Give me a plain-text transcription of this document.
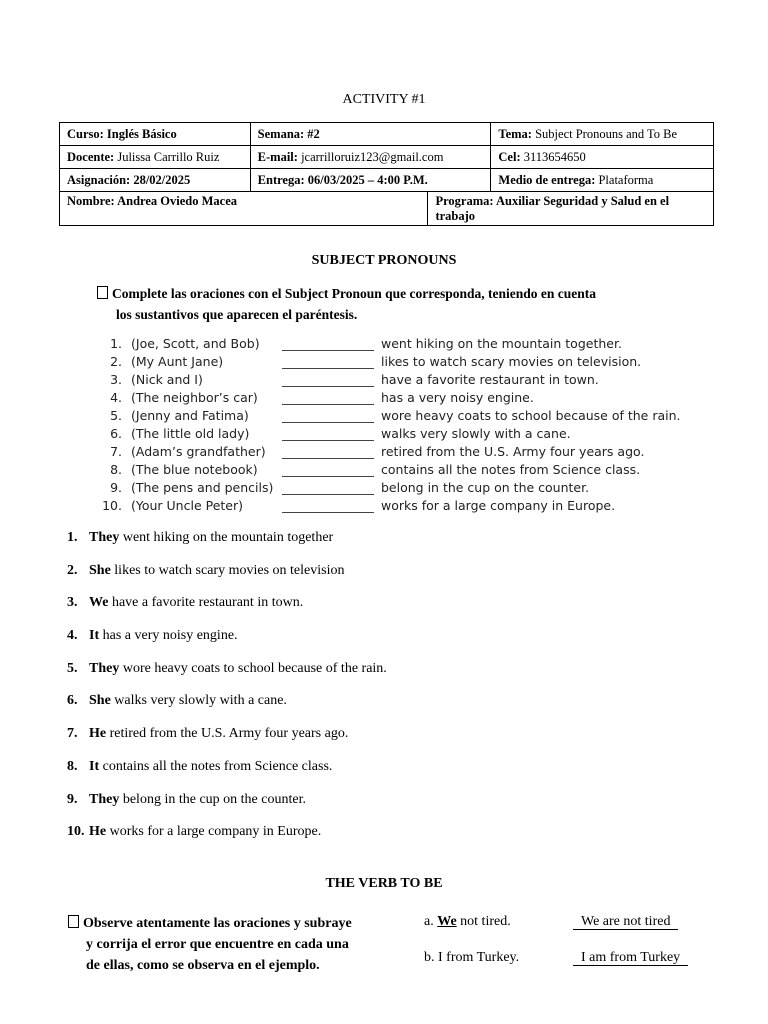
ACTIVITY #1
Curso: Inglés Básico	Semana: #2		Tema: Subject Pronouns and To Be
Docente: Julissa Carrillo Ruiz	E-mail: jcarrilloruiz123@gmail.com		Cel: 3113654650
Asignación: 28/02/2025	Entrega: 06/03/2025 – 4:00 P.M.		Medio de entrega: Plataforma
Nombre: Andrea Oviedo Macea		Programa: Auxiliar Seguridad y Salud en el trabajo	
SUBJECT PRONOUNS
Complete las oraciones con el Subject Pronoun que corresponda, teniendo en cuenta
los sustantivos que aparecen el paréntesis.
1. (Joe, Scott, and Bob)	went hiking on the mountain together.
2. (My Aunt Jane)	likes to watch scary movies on television.
3. (Nick and I)	have a favorite restaurant in town.
4. (The neighbor’s car)	has a very noisy engine.
5. (Jenny and Fatima)	wore heavy coats to school because of the rain.
6. (The little old lady)	walks very slowly with a cane.
7. (Adam’s grandfather)	retired from the U.S. Army four years ago.
8. (The blue notebook)	contains all the notes from Science class.
9. (The pens and pencils)	belong in the cup on the counter.
10. (Your Uncle Peter)	works for a large company in Europe.
1. They went hiking on the mountain together
2. She likes to watch scary movies on television
3. We have a favorite restaurant in town.
4. It has a very noisy engine.
5. They wore heavy coats to school because of the rain.
6. She walks very slowly with a cane.
7. He retired from the U.S. Army four years ago.
8. It contains all the notes from Science class.
9. They belong in the cup on the counter.
10. He works for a large company in Europe.
THE VERB TO BE
Observe atentamente las oraciones y subraye
y corrija el error que encuentre en cada una
de ellas, como se observa en el ejemplo.
a. We not tired.	We are not tired
b. I from Turkey.	I am from Turkey
